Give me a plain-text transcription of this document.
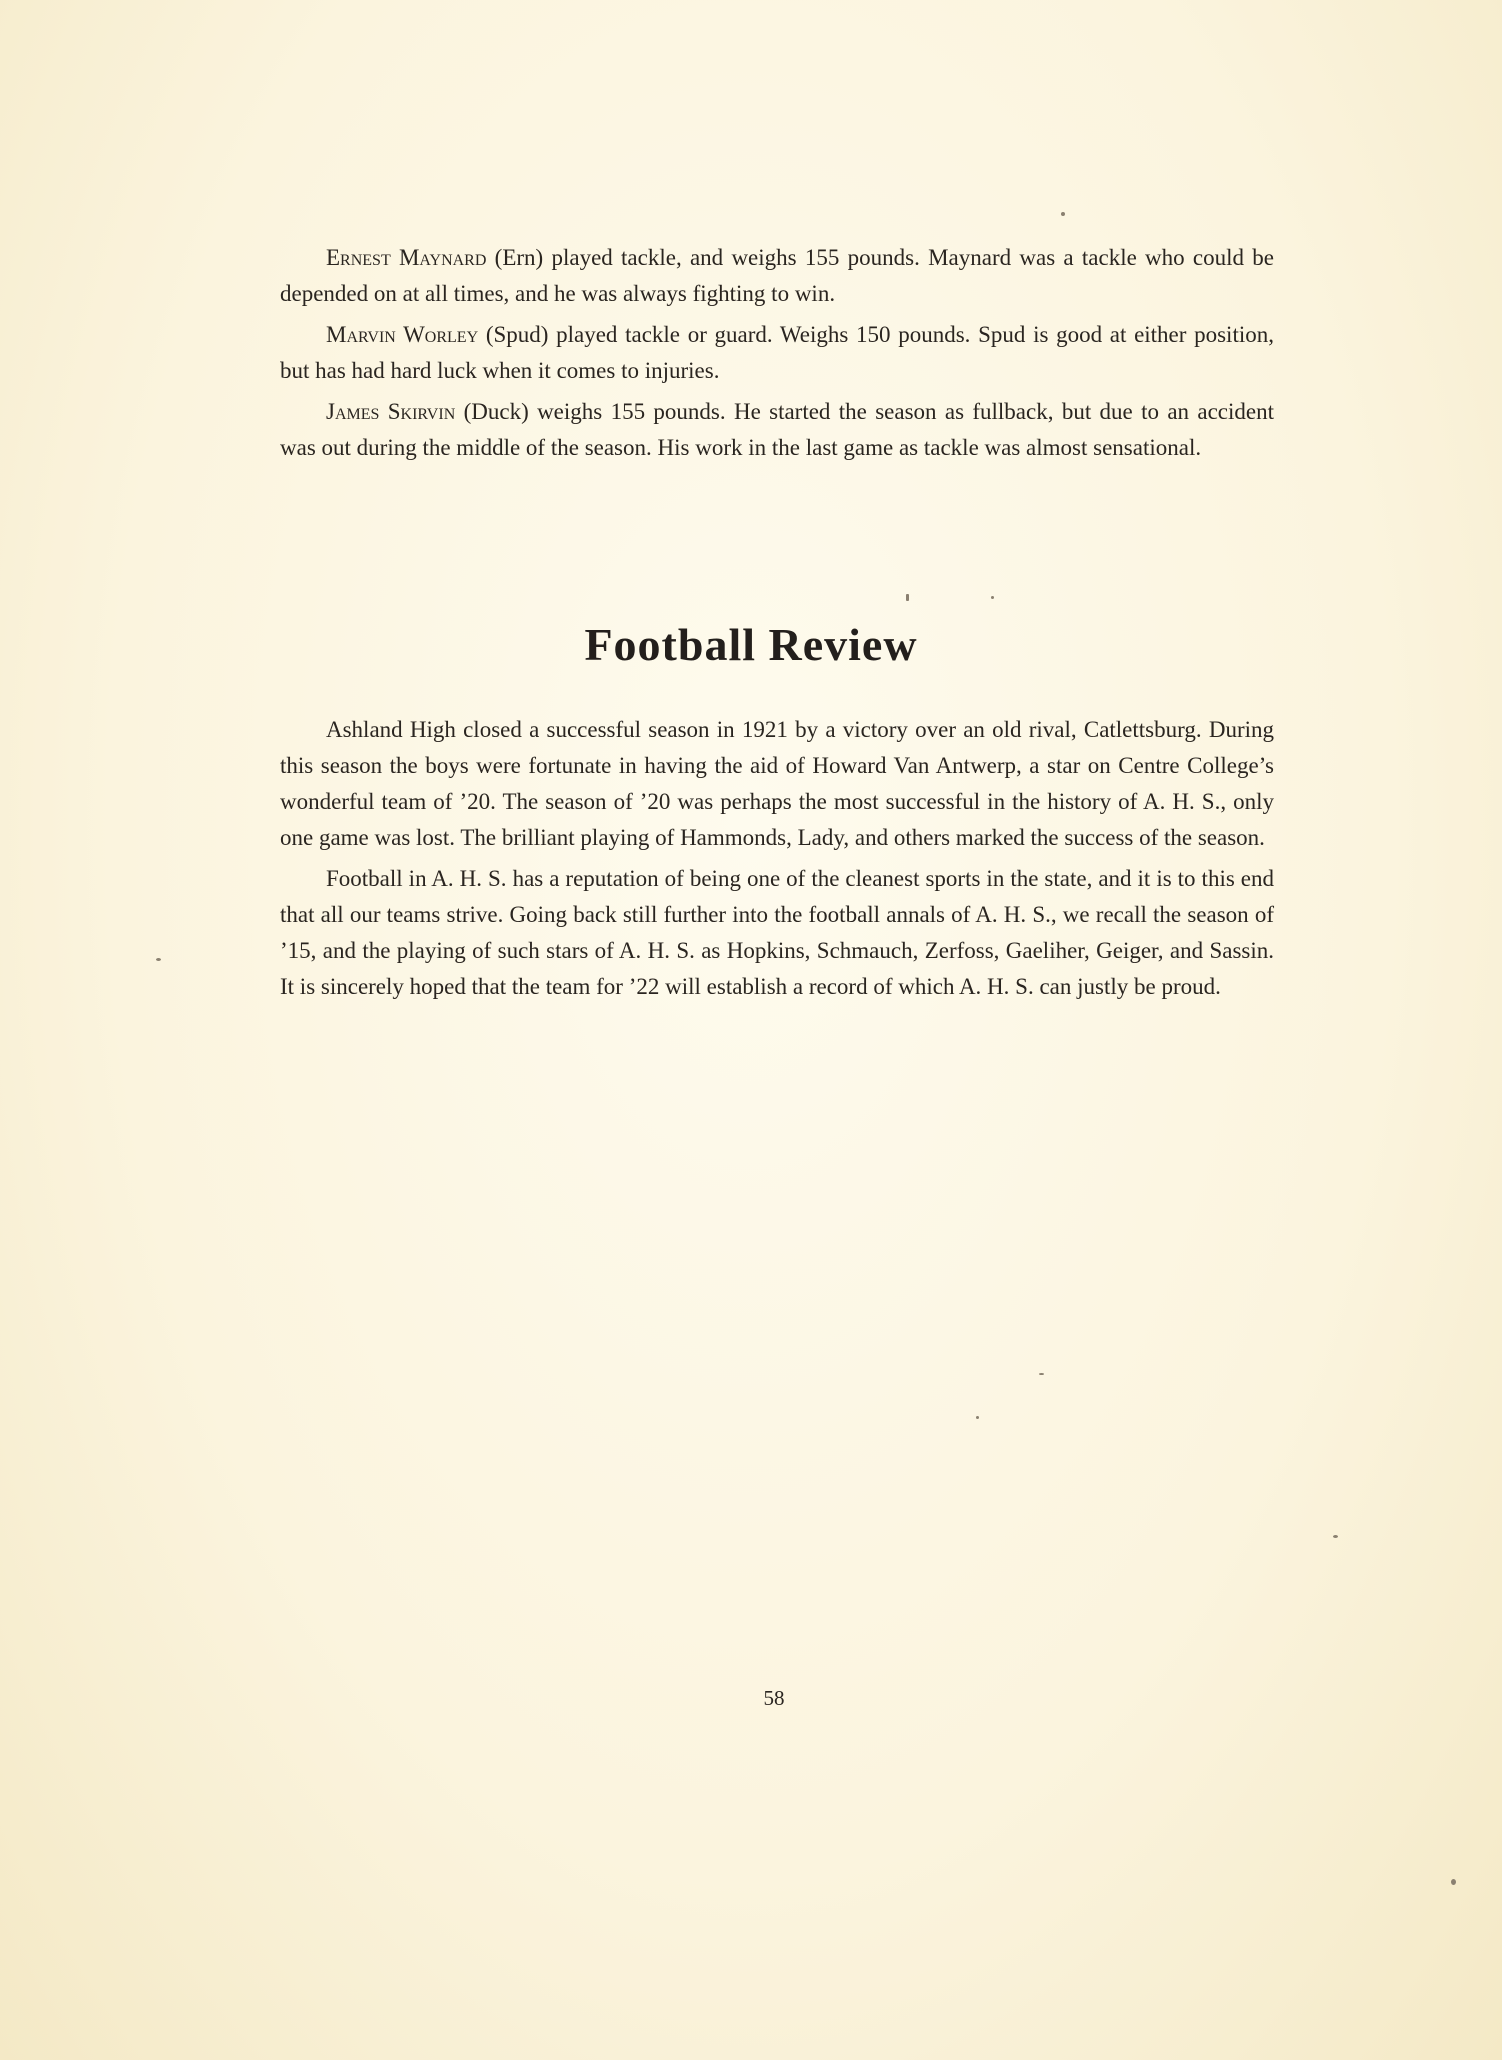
Ernest Maynard (Ern) played tackle, and weighs 155 pounds. Maynard was a tackle who could be depended on at all times, and he was always fighting to win.

Marvin Worley (Spud) played tackle or guard. Weighs 150 pounds. Spud is good at either position, but has had hard luck when it comes to injuries.

James Skirvin (Duck) weighs 155 pounds. He started the season as fullback, but due to an accident was out during the middle of the season. His work in the last game as tackle was almost sensational.

Football Review

Ashland High closed a successful season in 1921 by a victory over an old rival, Catlettsburg. During this season the boys were fortunate in having the aid of Howard Van Antwerp, a star on Centre College’s wonderful team of ’20. The season of ’20 was perhaps the most successful in the history of A. H. S., only one game was lost. The brilliant playing of Hammonds, Lady, and others marked the success of the season.

Football in A. H. S. has a reputation of being one of the cleanest sports in the state, and it is to this end that all our teams strive. Going back still further into the football annals of A. H. S., we recall the season of ’15, and the playing of such stars of A. H. S. as Hopkins, Schmauch, Zerfoss, Gaeliher, Geiger, and Sassin. It is sincerely hoped that the team for ’22 will establish a record of which A. H. S. can justly be proud.

58
